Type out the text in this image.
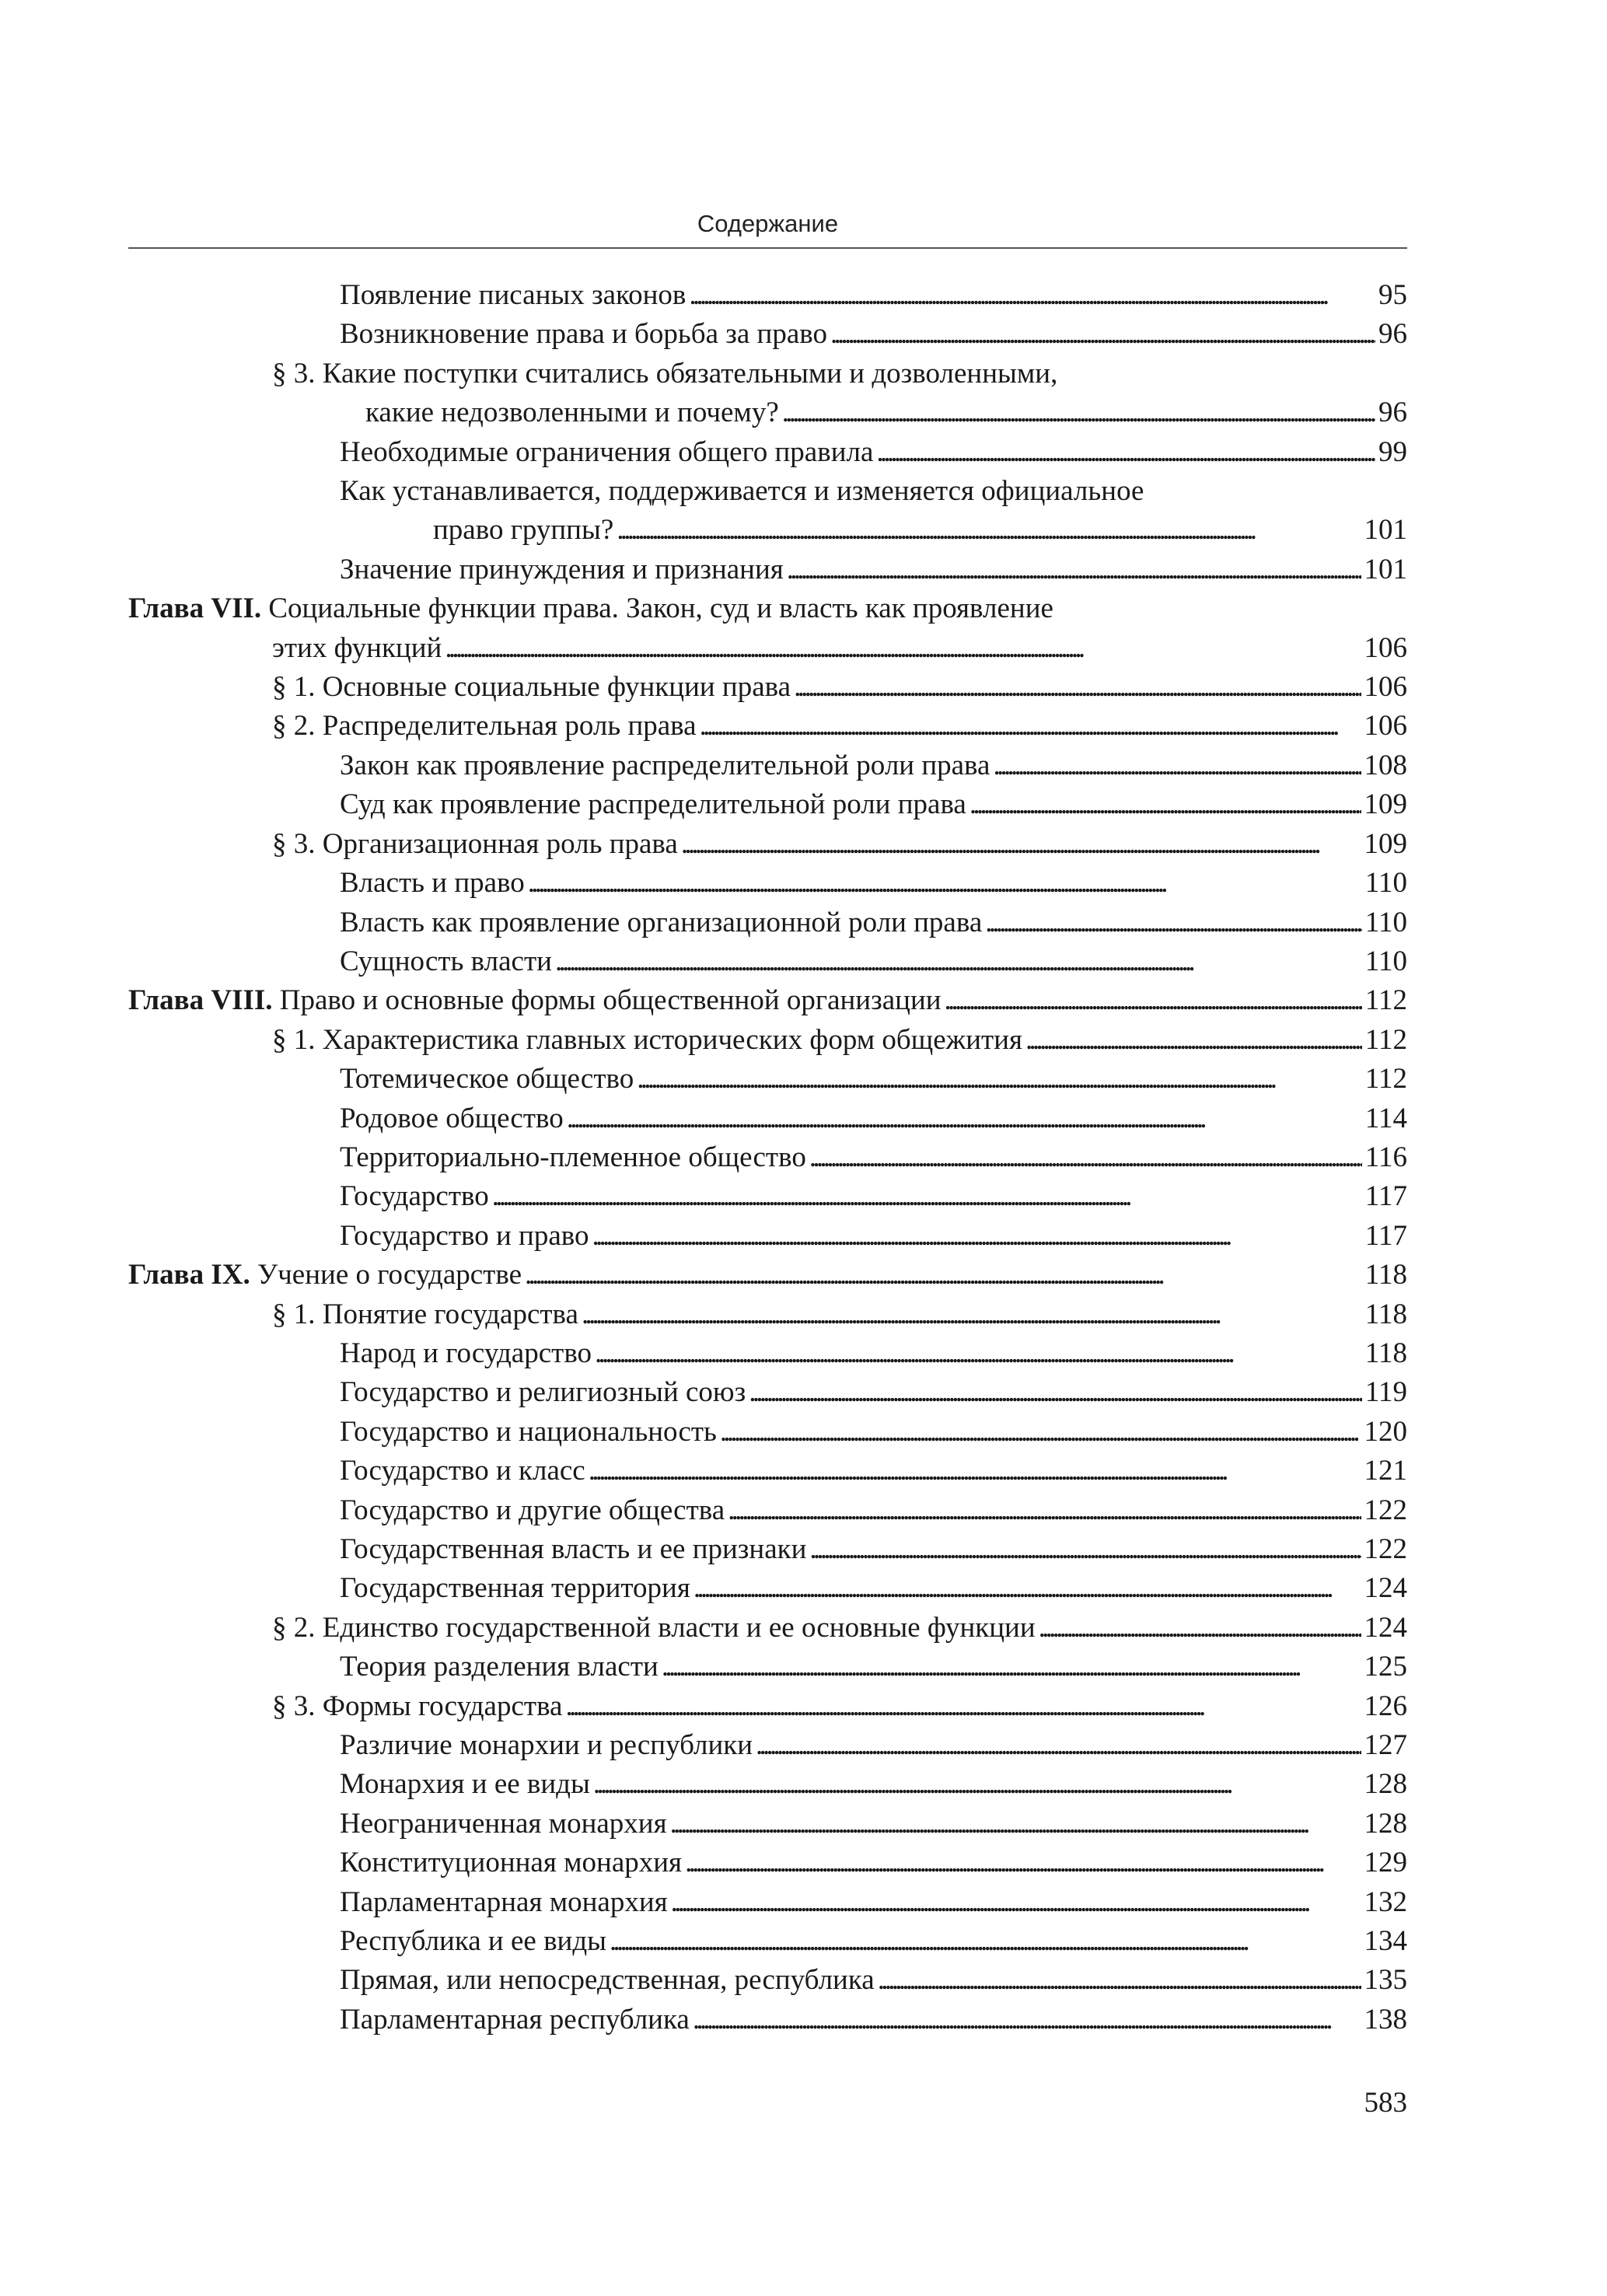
Содержание
Появление писаных законов . . .	95
Возникновение права и борьба за право . . .	96
§ 3. Какие поступки считались обязательными и дозволенными,
какие недозволенными и почему? . . .	96
Необходимые ограничения общего правила . . .	99
Как устанавливается, поддерживается и изменяется официальное
право группы? . . .	101
Значение принуждения и признания . . .	101
Глава VII.
Социальные функции права. Закон, суд и власть как проявление
этих функций . . .	106
§ 1. Основные социальные функции права . . .	106
§ 2. Распределительная роль права . . .	106
Закон как проявление распределительной роли права . . .	108
Суд как проявление распределительной роли права . . .	109
§ 3. Организационная роль права . . .	109
Власть и право . . .	110
Власть как проявление организационной роли права . . .	110
Сущность власти . . .	110
Глава VIII.
Право и основные формы общественной организации . . .	112
§ 1. Характеристика главных исторических форм общежития . . .	112
Тотемическое общество . . .	112
Родовое общество . . .	114
Территориально-племенное общество . . .	116
Государство . . .	117
Государство и право . . .	117
Глава IX.
Учение о государстве . . .	118
§ 1. Понятие государства . . .	118
Народ и государство . . .	118
Государство и религиозный союз . . .	119
Государство и национальность . . .	120
Государство и класс . . .	121
Государство и другие общества . . .	122
Государственная власть и ее признаки . . .	122
Государственная территория . . .	124
§ 2. Единство государственной власти и ее основные функции . . .	124
Теория разделения власти . . .	125
§ 3. Формы государства . . .	126
Различие монархии и республики . . .	127
Монархия и ее виды . . .	128
Неограниченная монархия . . .	128
Конституционная монархия . . .	129
Парламентарная монархия . . .	132
Республика и ее виды . . .	134
Прямая, или непосредственная, республика . . .	135
Парламентарная республика . . .	138
583
